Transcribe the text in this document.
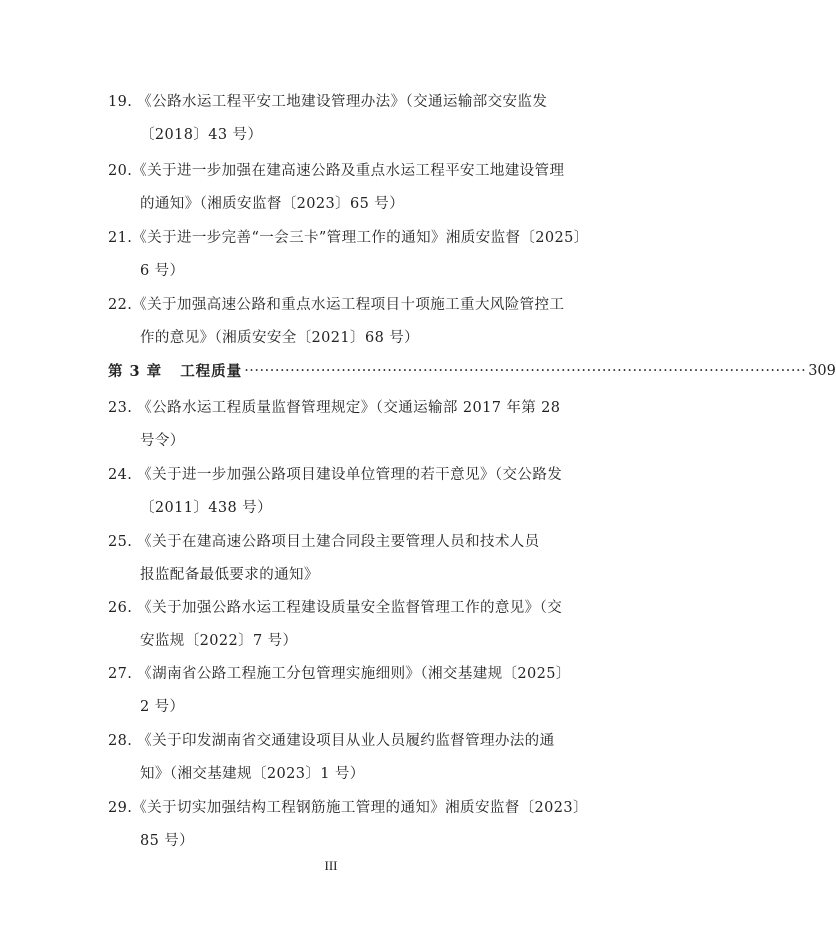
19. 《公路水运工程平安工地建设管理办法》（交通运输部交安监发
〔2018〕43 号）
20.《关于进一步加强在建高速公路及重点水运工程平安工地建设管理
的通知》（湘质安监督〔2023〕65 号）
21.《关于进一步完善“一会三卡”管理工作的通知》湘质安监督〔2025〕
6 号）
22.《关于加强高速公路和重点水运工程项目十项施工重大风险管控工
作的意见》（湘质安安全〔2021〕68 号）
第 3 章 工程质量 ·············································································································· 309
23. 《公路水运工程质量监督管理规定》（交通运输部 2017 年第 28
号令）
24. 《关于进一步加强公路项目建设单位管理的若干意见》（交公路发
〔2011〕438 号）
25. 《关于在建高速公路项目土建合同段主要管理人员和技术人员
报监配备最低要求的通知》
26. 《关于加强公路水运工程建设质量安全监督管理工作的意见》（交
安监规〔2022〕7 号）
27. 《湖南省公路工程施工分包管理实施细则》（湘交基建规〔2025〕
2 号）
28. 《关于印发湖南省交通建设项目从业人员履约监督管理办法的通
知》（湘交基建规〔2023〕1 号）
29.《关于切实加强结构工程钢筋施工管理的通知》湘质安监督〔2023〕
85 号）
III
